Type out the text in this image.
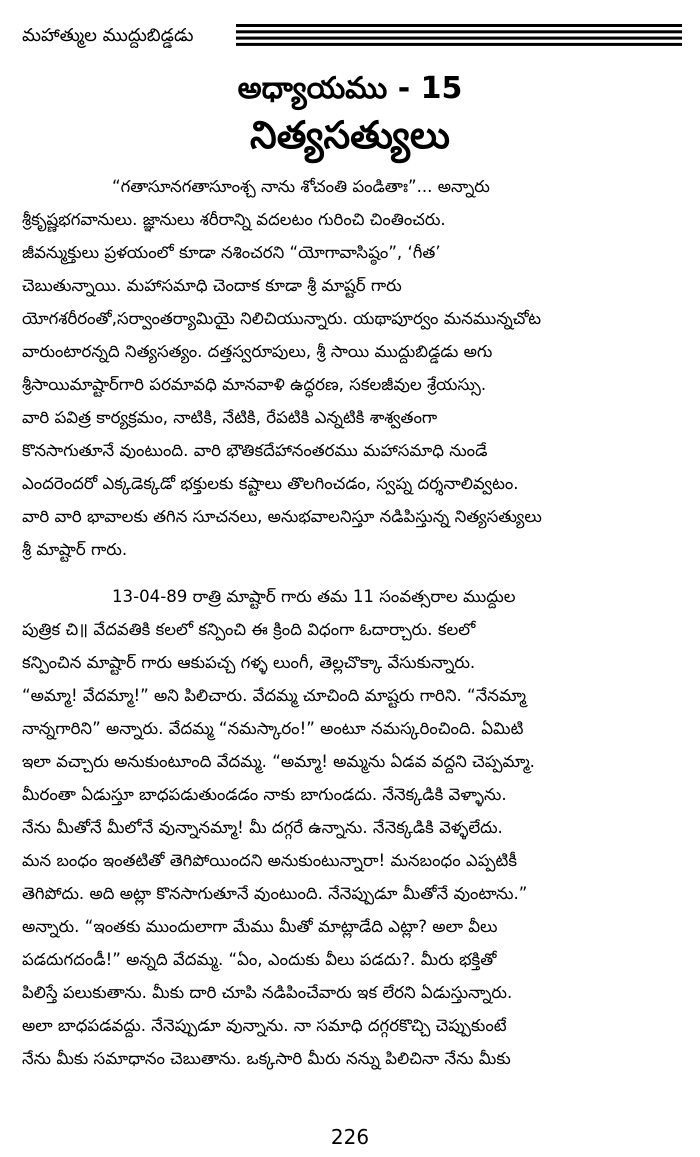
మహాత్ముల ముద్దుబిడ్డడు
అధ్యాయము - 15
నిత్యసత్యులు
“గతాసూనగతాసూంశ్చ నాను శోచంతి పండితాః”... అన్నారు
శ్రీకృష్ణభగవానులు. జ్ఞానులు శరీరాన్ని వదలటం గురించి చింతించరు.
జీవన్ముక్తులు ప్రళయంలో కూడా నశించరని “యోగావాసిష్ఠం”, ‘గీత’
చెబుతున్నాయి. మహాసమాధి చెందాక కూడా శ్రీ మాష్టర్ గారు
యోగశరీరంతో,సర్వాంతర్యామియై నిలిచియున్నారు. యథాపూర్వం మనమున్నచోట
వారుంటారన్నది నిత్యసత్యం. దత్తస్వరూపులు, శ్రీ సాయి ముద్దుబిడ్డడు అగు
శ్రీసాయిమాష్టార్‌గారి పరమావధి మానవాళి ఉద్ధరణ, సకలజీవుల శ్రేయస్సు.
వారి పవిత్ర కార్యక్రమం, నాటికి, నేటికి, రేపటికి ఎన్నటికి శాశ్వతంగా
కొనసాగుతూనే వుంటుంది. వారి భౌతికదేహానంతరము మహాసమాధి నుండే
ఎందరెందరో ఎక్కడెక్కడో భక్తులకు కష్టాలు తొలగించడం, స్వప్న దర్శనాలివ్వటం.
వారి వారి భావాలకు తగిన సూచనలు, అనుభవాలనిస్తూ నడిపిస్తున్న నిత్యసత్యులు
శ్రీ మాష్టార్ గారు.
13-04-89 రాత్రి మాష్టార్ గారు తమ 11 సంవత్సరాల ముద్దుల
పుత్రిక చి॥ వేదవతికి కలలో కన్పించి ఈ క్రింది విధంగా ఓదార్చారు. కలలో
కన్పించిన మాష్టార్ గారు ఆకుపచ్చ గళ్ళ లుంగీ, తెల్లచొక్కా వేసుకున్నారు.
“అమ్మా! వేదమ్మా!” అని పిలిచారు. వేదమ్మ చూచింది మాష్టరు గారిని. “నేనమ్మా
నాన్నగారిని” అన్నారు. వేదమ్మ “నమస్కారం!” అంటూ నమస్కరించింది. ఏమిటి
ఇలా వచ్చారు అనుకుంటూంది వేదమ్మ. “అమ్మా! అమ్మను ఏడవ వద్దని చెప్పమ్మా.
మీరంతా ఏడుస్తూ బాధపడుతుండడం నాకు బాగుండదు. నేనెక్కడికి వెళ్ళాను.
నేను మీతోనే మీలోనే వున్నానమ్మా! మీ దగ్గరే ఉన్నాను. నేనెక్కడికి వెళ్ళలేదు.
మన బంధం ఇంతటితో తెగిపోయిందని అనుకుంటున్నారా! మనబంధం ఎప్పటికీ
తెగిపోదు. అది అట్లా కొనసాగుతూనే వుంటుంది. నేనెప్పుడూ మీతోనే వుంటాను.”
అన్నారు. “ఇంతకు ముందులాగా మేము మీతో మాట్లాడేది ఎట్లా? అలా వీలు
పడదుగదండీ!” అన్నది వేదమ్మ. “ఏం, ఎందుకు వీలు పడదు?. మీరు భక్తితో
పిలిస్తే పలుకుతాను. మీకు దారి చూపి నడిపించేవారు ఇక లేరని ఏడుస్తున్నారు.
అలా బాధపడవద్దు. నేనెప్పుడూ వున్నాను. నా సమాధి దగ్గరకొచ్చి చెప్పుకుంటే
నేను మీకు సమాధానం చెబుతాను. ఒక్కసారి మీరు నన్ను పిలిచినా నేను మీకు
226
